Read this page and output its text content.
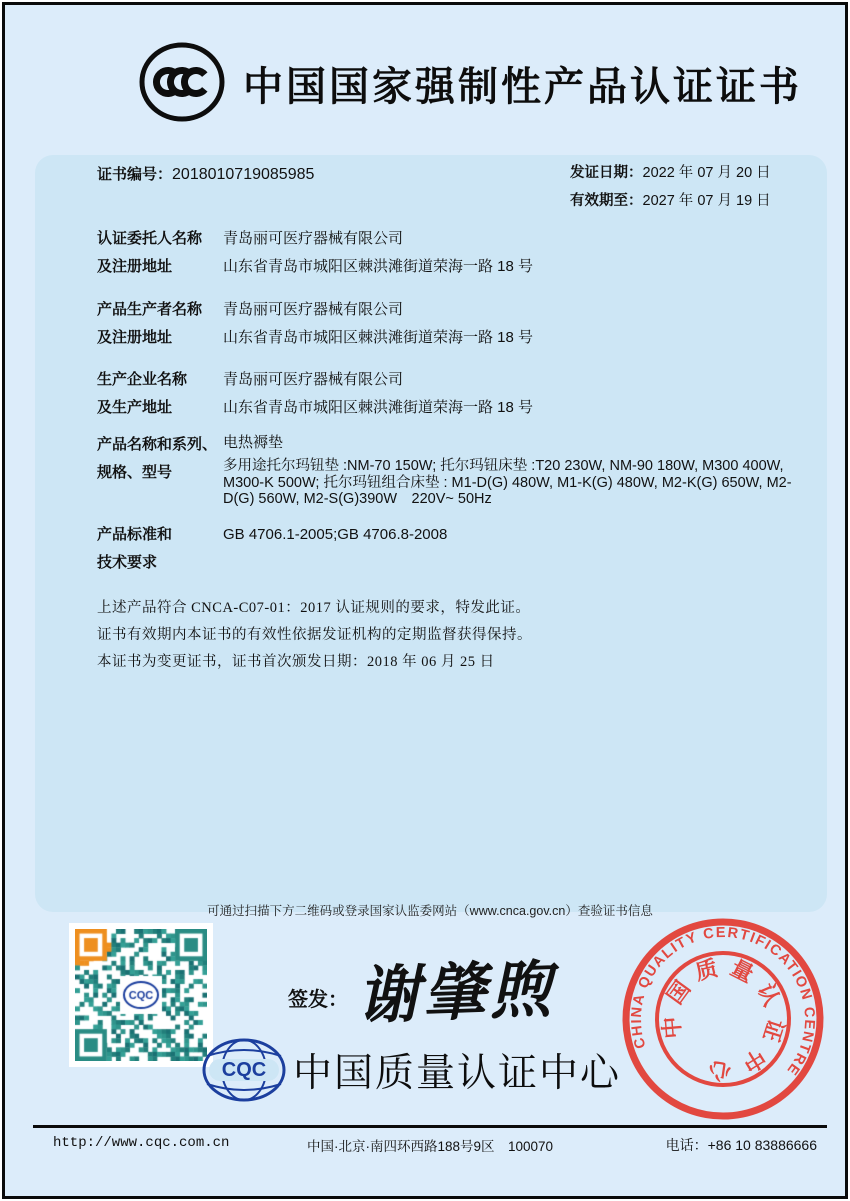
中国国家强制性产品认证证书
证书编号：2018010719085985	发证日期：2022 年 07 月 20 日
有效期至：2027 年 07 月 19 日
认证委托人名称
及注册地址
青岛丽可医疗器械有限公司
山东省青岛市城阳区棘洪滩街道荣海一路 18 号
产品生产者名称
及注册地址
青岛丽可医疗器械有限公司
山东省青岛市城阳区棘洪滩街道荣海一路 18 号
生产企业名称
及生产地址
青岛丽可医疗器械有限公司
山东省青岛市城阳区棘洪滩街道荣海一路 18 号
产品名称和系列、
规格、型号
电热褥垫
多用途托尔玛钮垫 :NM-70 150W; 托尔玛钮床垫 :T20 230W, NM-90 180W, M300 400W, M300-K 500W; 托尔玛钮组合床垫 : M1-D(G) 480W, M1-K(G) 480W, M2-K(G) 650W, M2-D(G) 560W, M2-S(G)390W　220V~ 50Hz
产品标准和
技术要求
GB 4706.1-2005;GB 4706.8-2008
上述产品符合 CNCA-C07-01：2017 认证规则的要求，特发此证。
证书有效期内本证书的有效性依据发证机构的定期监督获得保持。
本证书为变更证书，证书首次颁发日期：2018 年 06 月 25 日
可通过扫描下方二维码或登录国家认监委网站（www.cnca.gov.cn）查验证书信息
签发： 谢肇煦
CQC 中国质量认证中心
CHINA QUALITY CERTIFICATION CENTRE
中国质量认证中心
中国·北京·南四环西路188号9区　100070
http://www.cqc.com.cn	电话：+86 10 83886666
